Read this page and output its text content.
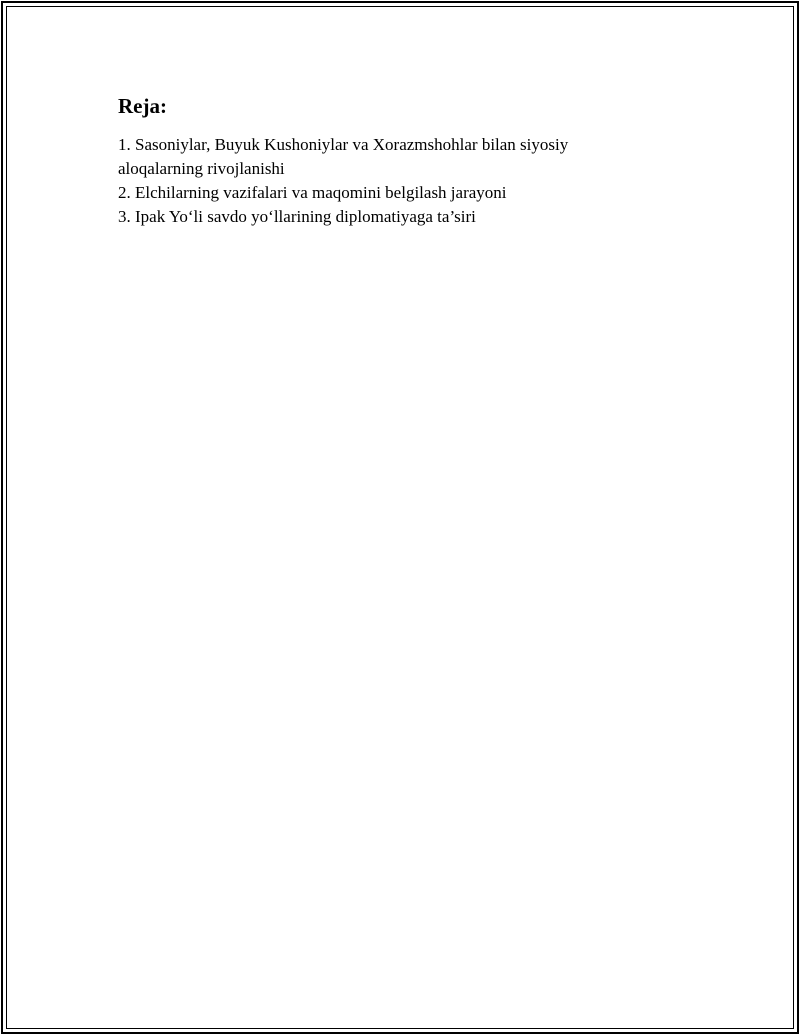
Reja:
1. Sasoniylar, Buyuk Kushoniylar va Xorazmshohlar bilan siyosiy aloqalarning rivojlanishi
2. Elchilarning vazifalari va maqomini belgilash jarayoni
3. Ipak Yo‘li savdo yo‘llarining diplomatiyaga ta’siri
